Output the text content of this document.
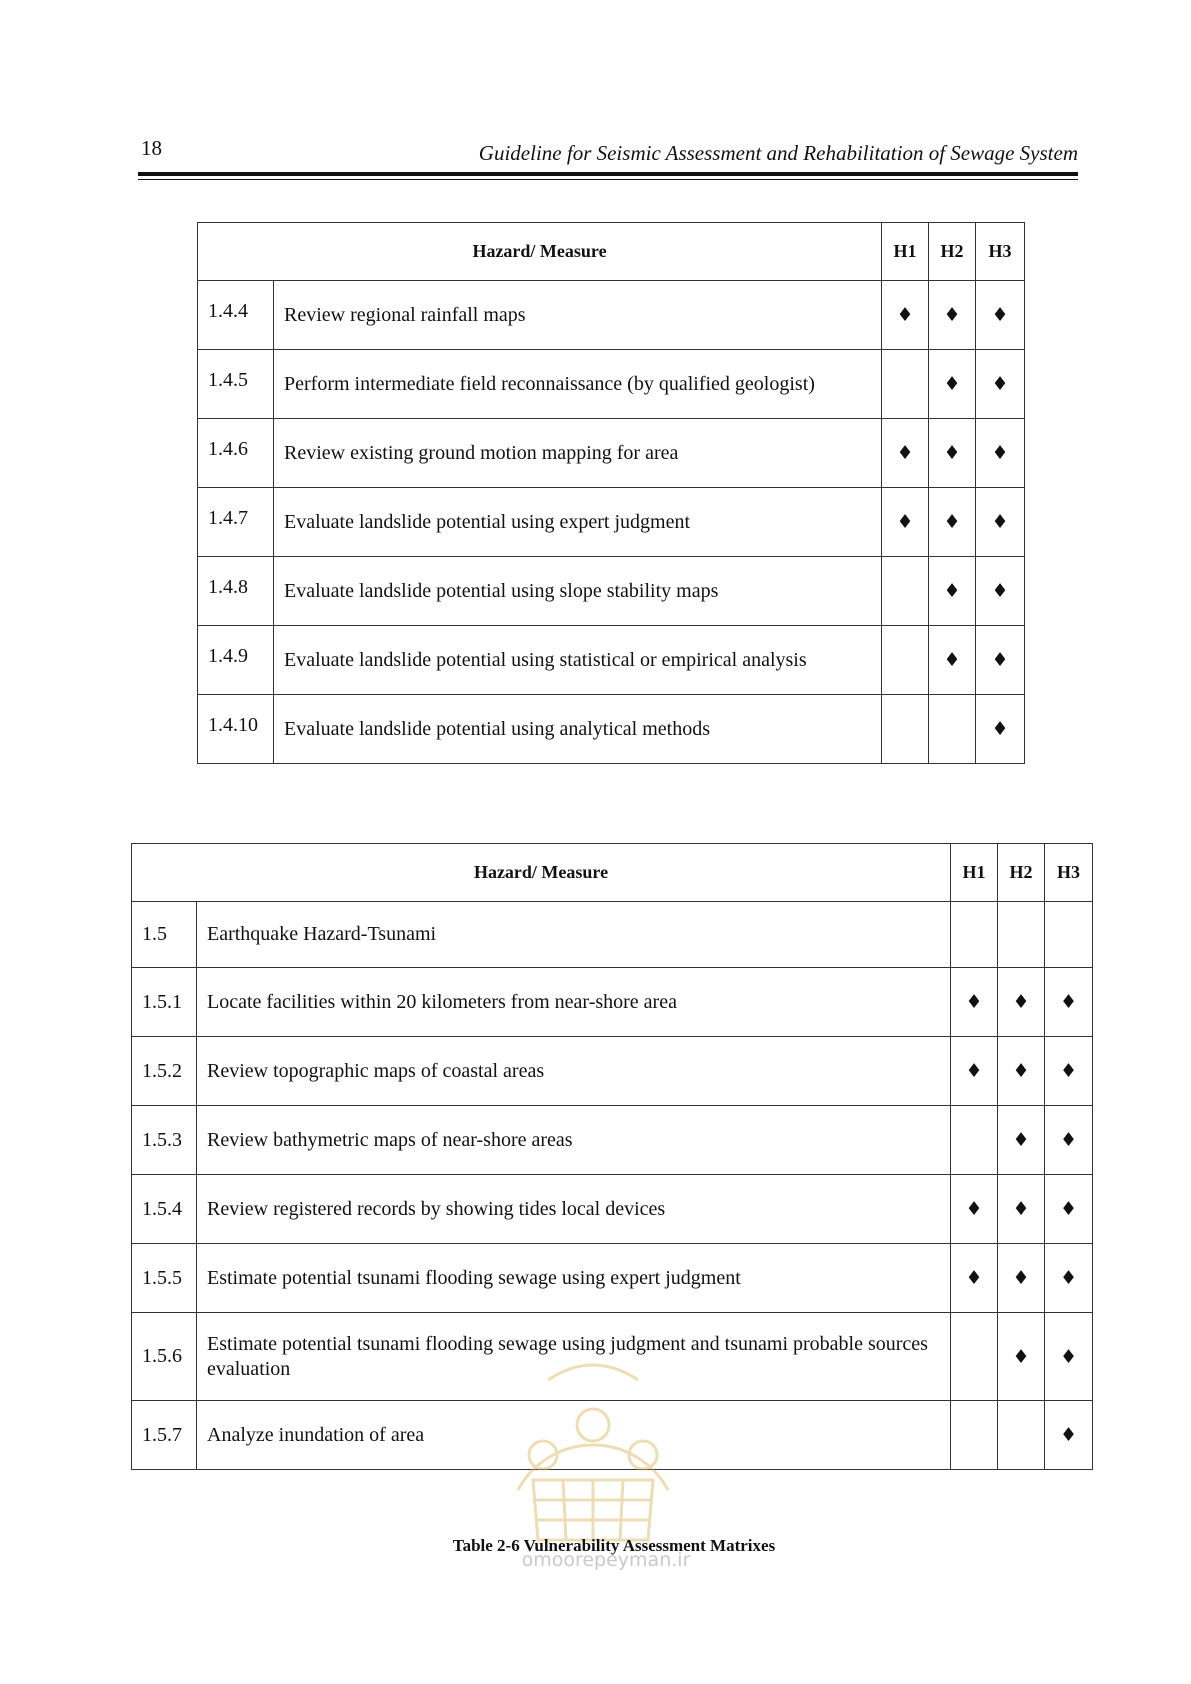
18	Guideline for Seismic Assessment and Rehabilitation of Sewage System
Hazard/ Measure		H1	H2	H3
1.4.4	Review regional rainfall maps	♦	♦	♦
1.4.5	Perform intermediate field reconnaissance (by qualified geologist)		♦	♦
1.4.6	Review existing ground motion mapping for area	♦	♦	♦
1.4.7	Evaluate landslide potential using expert judgment	♦	♦	♦
1.4.8	Evaluate landslide potential using slope stability maps		♦	♦
1.4.9	Evaluate landslide potential using statistical or empirical analysis		♦	♦
1.4.10	Evaluate landslide potential using analytical methods			♦
Hazard/ Measure		H1	H2	H3
1.5	Earthquake Hazard-Tsunami			
1.5.1	Locate facilities within 20 kilometers from near-shore area	♦	♦	♦
1.5.2	Review topographic maps of coastal areas	♦	♦	♦
1.5.3	Review bathymetric maps of near-shore areas		♦	♦
1.5.4	Review registered records by showing tides local devices	♦	♦	♦
1.5.5	Estimate potential tsunami flooding sewage using expert judgment	♦	♦	♦
1.5.6	Estimate potential tsunami flooding sewage using judgment and tsunami probable sources evaluation		♦	♦
1.5.7	Analyze inundation of area			♦
omoorepeyman.ir
Table 2-6 Vulnerability Assessment Matrixes
